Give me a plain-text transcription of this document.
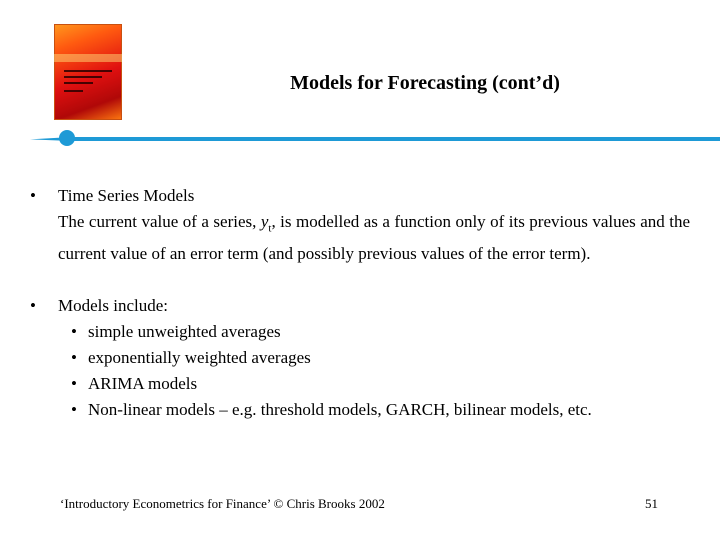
Models for Forecasting (cont’d)
• Time Series Models
The current value of a series, $y_t$, is modelled as a function only of its previous values and the current value of an error term (and possibly previous values of the error term).
• Models include:
• simple unweighted averages
• exponentially weighted averages
• ARIMA models
• Non-linear models – e.g. threshold models, GARCH, bilinear models, etc.
‘Introductory Econometrics for Finance’ © Chris Brooks 2002	51
